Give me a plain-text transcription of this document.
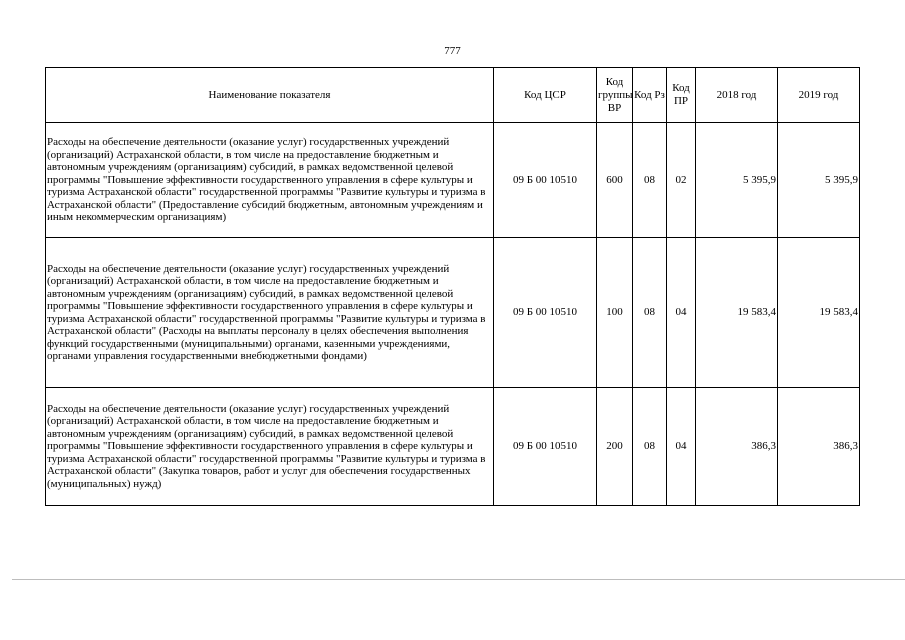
777
Наименование показателя	Код ЦСР	Код группы ВР	Код Рз	Код ПР	2018 год	2019 год
Расходы на обеспечение деятельности (оказание услуг) государственных учреждений (организаций) Астраханской области, в том числе на предоставление бюджетным и автономным учреждениям (организациям) субсидий, в рамках ведомственной целевой программы "Повышение эффективности государственного управления в сфере культуры и туризма Астраханской области" государственной программы "Развитие культуры и туризма в Астраханской области" (Предоставление субсидий бюджетным, автономным учреждениям и иным некоммерческим организациям)	09 Б 00 10510	600	08	02	5 395,9	5 395,9
Расходы на обеспечение деятельности (оказание услуг) государственных учреждений (организаций) Астраханской области, в том числе на предоставление бюджетным и автономным учреждениям (организациям) субсидий, в рамках ведомственной целевой программы "Повышение эффективности государственного управления в сфере культуры и туризма Астраханской области" государственной программы "Развитие культуры и туризма в Астраханской области" (Расходы на выплаты персоналу в целях обеспечения выполнения функций государственными (муниципальными) органами, казенными учреждениями, органами управления государственными внебюджетными фондами)	09 Б 00 10510	100	08	04	19 583,4	19 583,4
Расходы на обеспечение деятельности (оказание услуг) государственных учреждений (организаций) Астраханской области, в том числе на предоставление бюджетным и автономным учреждениям (организациям) субсидий, в рамках ведомственной целевой программы "Повышение эффективности государственного управления в сфере культуры и туризма Астраханской области" государственной программы "Развитие культуры и туризма в Астраханской области" (Закупка товаров, работ и услуг для обеспечения государственных (муниципальных) нужд)	09 Б 00 10510	200	08	04	386,3	386,3
